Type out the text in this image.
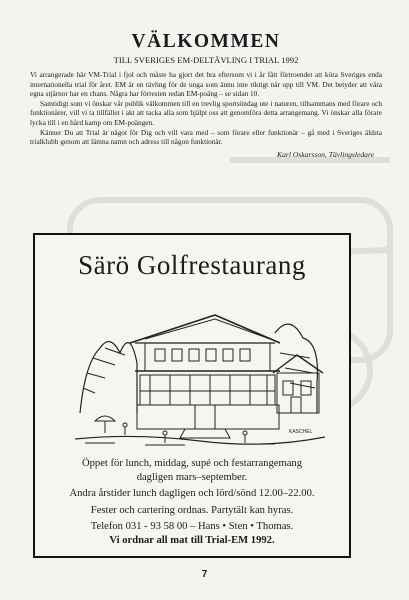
VÄLKOMMEN
TILL SVERIGES EM-DELTÄVLING I TRIAL 1992

Vi arrangerade här VM-Trial i fjol och måste ha gjort det bra eftersom vi i år fått förtroendet att köra Sveriges enda internationella trial för året. EM är en tävling för de unga som ännu inte riktigt når upp till VM. Det betyder att våra egna stjärnor har en chans. Några har förresten redan EM-poäng – se sidan 10.

Samtidigt som vi önskar vår publik välkommen till en trevlig sportsöndag ute i naturen, tillsammans med förare och funktionärer, vill vi ta tillfället i akt att tacka alla som hjälpt oss att genomföra detta arrangemang. Vi önskar alla förare lycka till i en hård kamp om EM-poängen.

Känner Du att Trial är något för Dig och vill vara med – som förare eller funktionär – gå med i Sveriges äldsta trialklubb genom att lämna namn och adress till någon funktionär.

Karl Oskarsson, Tävlingsledare
Särö Golfrestaurang
KASCHEL
Öppet för lunch, middag, supé och festarrangemang
dagligen mars–september.
Andra årstider lunch dagligen och lörd/sönd 12.00–22.00.
Fester och cartering ordnas. Partytält kan hyras.
Telefon 031 - 93 58 00 – Hans • Sten • Thomas.
Vi ordnar all mat till Trial-EM 1992.
7
